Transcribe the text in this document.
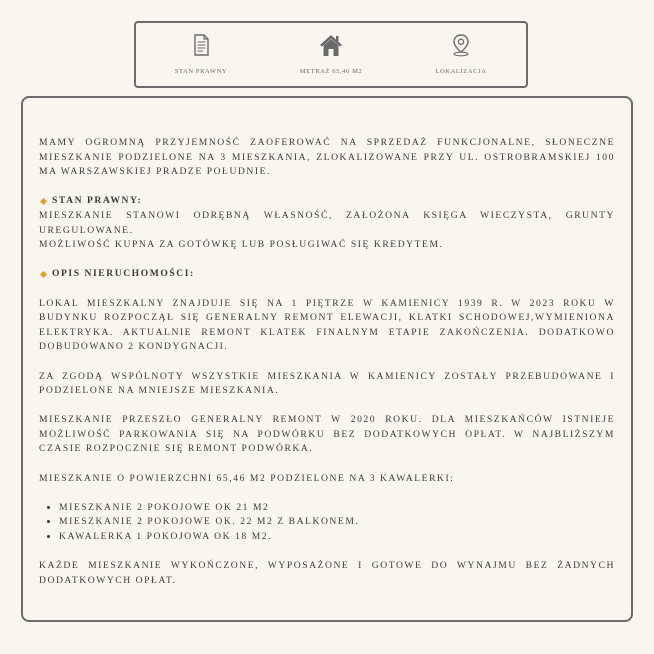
STAN PRAWNY	METRAŻ 65,46 M2	LOKALIZACJA

MAMY OGROMNĄ PRZYJEMNOŚĆ ZAOFEROWAĆ NA SPRZEDAŻ FUNKCJONALNE, SŁONECZNE MIESZKANIE PODZIELONE NA 3 MIESZKANIA, ZLOKALIZOWANE PRZY UL. OSTROBRAMSKIEJ 100 MA WARSZAWSKIEJ PRADZE POŁUDNIE.

STAN PRAWNY:

MIESZKANIE STANOWI ODRĘBNĄ WŁASNOŚĆ, ZAŁOŻONA KSIĘGA WIECZYSTA, GRUNTY UREGULOWANE.

MOŻLIWOŚĆ KUPNA ZA GOTÓWKĘ LUB POSŁUGIWAĆ SIĘ KREDYTEM.

OPIS NIERUCHOMOŚCI:

LOKAL MIESZKALNY ZNAJDUJE SIĘ NA 1 PIĘTRZE W KAMIENICY 1939 R. W 2023 ROKU W BUDYNKU ROZPOCZĄŁ SIĘ GENERALNY REMONT ELEWACJI, KLATKI SCHODOWEJ,WYMIENIONA ELEKTRYKA. AKTUALNIE REMONT KLATEK FINALNYM ETAPIE ZAKOŃCZENIA. DODATKOWO DOBUDOWANO 2 KONDYGNACJI.

ZA ZGODĄ WSPÓLNOTY WSZYSTKIE MIESZKANIA W KAMIENICY ZOSTAŁY PRZEBUDOWANE I PODZIELONE NA MNIEJSZE MIESZKANIA.

MIESZKANIE PRZESZŁO GENERALNY REMONT W 2020 ROKU. DLA MIESZKAŃCÓW ISTNIEJE MOŻLIWOŚĆ PARKOWANIA SIĘ NA PODWÓRKU BEZ DODATKOWYCH OPŁAT. W NAJBLIŻSZYM CZASIE ROZPOCZNIE SIĘ REMONT PODWÓRKA.

MIESZKANIE O POWIERZCHNI 65,46 M2 PODZIELONE NA 3 KAWALERKI:

• MIESZKANIE 2 POKOJOWE OK 21 M2
• MIESZKANIE 2 POKOJOWE OK. 22 M2 Z BALKONEM.
• KAWALERKA 1 POKOJOWA OK 18 M2.

KAŻDE MIESZKANIE WYKOŃCZONE, WYPOSAŻONE I GOTOWE DO WYNAJMU BEZ ŻADNYCH DODATKOWYCH OPŁAT.
